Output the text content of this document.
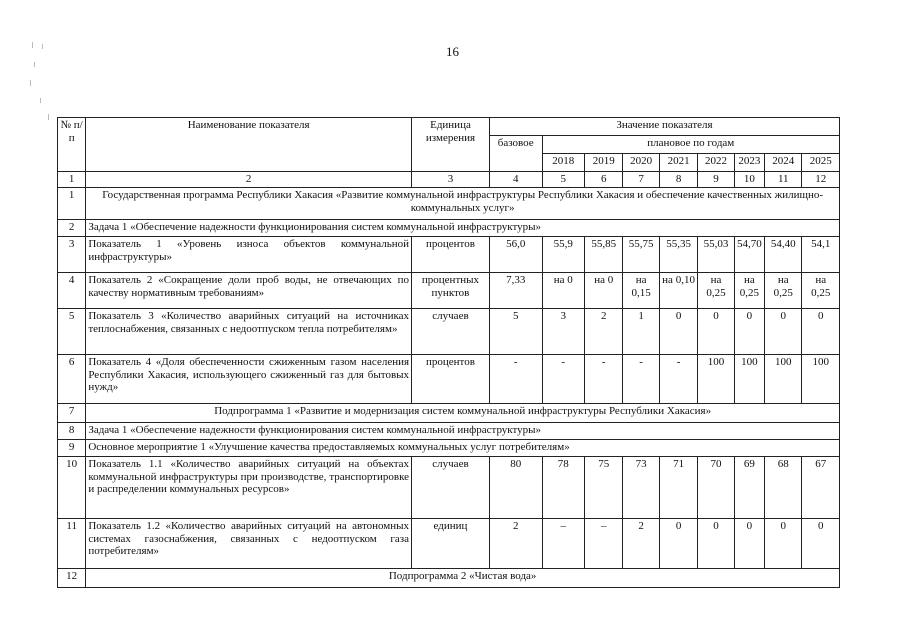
16
№ п/п	Наименование показателя	Единица измерения	Значение показателя								
			базовое	плановое по годам							
				2018	2019	2020	2021	2022	2023	2024	2025
1	2	3	4	5	6	7	8	9	10	11	12
1	Государственная программа Республики Хакасия «Развитие коммунальной инфраструктуры Республики Хакасия и обеспечение качественных жилищно-коммунальных услуг»										
2	Задача 1 «Обеспечение надежности функционирования систем коммунальной инфраструктуры»										
3	Показатель 1 «Уровень износа объектов коммунальной инфраструктуры»	процентов	56,0	55,9	55,85	55,75	55,35	55,03	54,70	54,40	54,1
4	Показатель 2 «Сокращение доли проб воды, не отвечающих по качеству нормативным требованиям»	процентных пунктов	7,33	на 0	на 0	на 0,15	на 0,10	на 0,25	на 0,25	на 0,25	на 0,25
5	Показатель 3 «Количество аварийных ситуаций на источниках теплоснабжения, связанных с недоотпуском тепла потребителям»	случаев	5	3	2	1	0	0	0	0	0
6	Показатель 4 «Доля обеспеченности сжиженным газом населения Республики Хакасия, использующего сжиженный газ для бытовых нужд»	процентов	-	-	-	-	-	100	100	100	100
7	Подпрограмма 1 «Развитие и модернизация систем коммунальной инфраструктуры Республики Хакасия»										
8	Задача 1 «Обеспечение надежности функционирования систем коммунальной инфраструктуры»										
9	Основное мероприятие 1 «Улучшение качества предоставляемых коммунальных услуг потребителям»										
10	Показатель 1.1 «Количество аварийных ситуаций на объектах коммунальной инфраструктуры при производстве, транспортировке и распределении коммунальных ресурсов»	случаев	80	78	75	73	71	70	69	68	67
11	Показатель 1.2 «Количество аварийных ситуаций на автономных системах газоснабжения, связанных с недоотпуском газа потребителям»	единиц	2	–	–	2	0	0	0	0	0
12	Подпрограмма 2 «Чистая вода»										
